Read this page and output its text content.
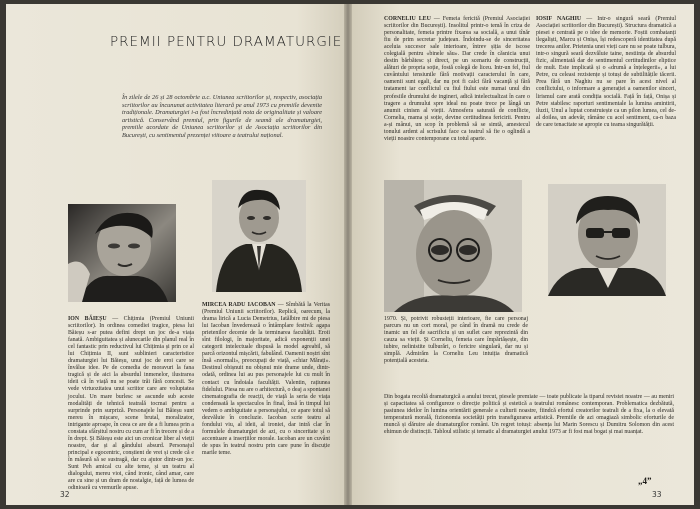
PREMII PENTRU DRAMATURGIE
În zilele de 26 și 28 octombrie a.c. Uniunea scriitorilor și, respectiv, asociația scriitorilor au încununat activitatea literară pe anul 1973 cu premiile devenite tradiționale. Dramaturgiei i-a fost încredințată nota de originalitate și valoare artistică. Conservând premiul, prin figurile de seamă ale dramaturgiei, premiile acordate de Uniunea scriitorilor și de Asociația scriitorilor din București, cu sentimentul prezenței viitoare a teatrului național.
ION BĂIEȘU — Chițimia (Premiul Uniunii scriitorilor). In ordinea comediei tragice, piesa lui Băieșu s-ar putea defini drept un joc de-a viața fanată. Ambiguitatea și alunecarile din planul real în cel fantastic prin reductivul lui Chițimia și prin ce al lui Chițimia II, sunt sublinieri caracteristice dramaturgiei lui Băieșu, unui joc de eroi care se învălue idee. Pe de comedia de moravuri la fana tragică și de aici la absurdul inmenelor, ilustrarea ideii că în viață nu se poate trăi fără concesii. Se vede virtuozitatea unui scriitor care are voluptatea jocului. Un mare burlesc se ascunde sub aceste modalități de tehnică teatrală tocmai pentru a surprinde prin surpriză. Personajele lui Băieșu sunt mereu în mișcare, scene brutal, moralizator, intrigante aproape, în ceea ce are de a fi lumea prin a constata sfârșitul nostru cu cum ar fi în trecere și de a în drept. Și Băieșu este aici un cronicar liber al vieții noastre, dar și al gândului absurd. Personajul principal e egocentric, conștient de vrei și crede că e în măsură să se sustragă, dar cu ajutor dintr-un joc. Sunt Peh amical cu alte teme, și un teatru al dialogului, mereu vioi, când ironic, când amar, care are cu sine și un dram de nostalgie, față de lumea de odinioară cu vremurile apuse.
MIRCEA RADU IACOBAN — Sîmbătă la Veritas (Premiul Uniunii scriitorilor). Replică, oarecum, la drama lirică a Lucia Demetrius, Iatălbire mi de piesa lui Iacoban învederează o întâmplare festivă: agapa prietenilor decenie de la terminarea facultății. Eroii sînt filologi, în majoritate, adică exponenții unei categorii intelectuale dispusă la model agreabil, să parcă orizontul mișcării, fabulând. Oamenii noștri sînt însă «normali», preocupați de viață, «chiar Mărați». Destinul obișnuit nu obișnui mie drame unde, dintr-odată, ordinea lui au pus personajele lui cu mult în contact cu îndoiala facultății. Valentin, rațiunea fidelului. Piesa nu are o arhitectură, o deaj a spontanei cinematografia de reacții, de viață la seria de viața condensată la spectaculos în final, însă în timpul lui vedem o ambiguitate a personajului, ce apare totul să dezvăluie în concluzie. Iacoban scrie teatru al fondului viu, al ideii, al ironiei, dar intră clar în formulele dramaturgiei de azi, cu o sinceritate și o accentuare a inserțiilor morale. Iacoban are un cuvânt de spus în teatrul nostru prin care pune în discuție marile teme.
32
CORNELIU LEU — Femeia fericită (Premiul Asociației scriitorilor din București). Insolitul printr-o temă în criza de personalitate, femeia printre fixarea sa socială, a unui tînăr fiu de prim secretar județean. Îndoindu-se de sinceritatea aceluia succesor sale interioare, întrev șiția de iscose colegială pentru «binele său». Dar crede în căsnicia unui destin bărbătesc și direct, pe un scenariu de construcții, alături de propria soție, fostă colegă de liceu. Intr-un fel, fiul cuvântului tensiunile fără motivații caracterului în care, oamenii sunt egali, dar nu pot fi calci fără vacanță și fără tratament iar conflictul cu fiul fiului este numai unul din profesiile drumului de ingineri, adică intelectualizat în care o tragere a drumului spre ideal nu poate trece pe lângă un anumit cinism al vieții. Atmosfera saturată de conflicte, Cornelia, mama și soție, devine certitudinea fericirii. Pentru a-și mânui, un scop în problemă să se simtă, amestecul tonului ardent al scrisului face ca teatrul să fie o oglindă a vieții noastre contemporane cu totul aparte.
IOSIF NAGHIU — Intr-o singură seară (Premiul Asociației scriitorilor din București). Structura dramatică a piesei e centrată pe o idee de memorie. Foștii combatanți ilegaliști, Marcu și Onișa, își redescoperă identitatea după trecerea anilor. Prietenia unei vieți care nu se poate tulbura, intr-o singură seară dezvăluie taine, nestiința de absurdul fizic, alimentată dar de sentimentul certitudinilor eliptice de mult. Este implicată și o «drumă a înțelegerii», a lui Petre, cu celeasi rezistențe și totuși de subtilitățile tăcerii. Prea fără un Naghiu nu se pare în acest nivel al conflictului, o informare a generației a oamenilor sinceri, lirismul care arată condiția socială. Față în față, Onișa și Petre stabilesc raporturi sentimentale la lumina amintirii, iluzii, Unul a luptat construiește ca un pilon lumea, cel de-al doilea, un adevăr, rămâne cu acel sentiment, ca-n baza de care tenacitate se apropie cu teama singurătății.
1970. Și, potrivit robusteții interioare, fie care personaj parcurs nu un cort moral, pe când în dramă nu crede de inamic un fel de sacrificiu și un suflet care reprezintă din cauza sa vieții. Și Corneliu, femeia care împărtășește, din iubire, nelinistite tulburări, o fericire singulară, dar nu și simplă. Admirăm la Corneliu Leu intuiția dramatică potențială acesteia.
Din bogata recoltă dramaturgică a anului trecut, piesele premiate — toate publicate la tiparul revistei noastre — au meniri și capacitatea să configureze o direcție politică și estetică a teatrului românesc contemporan. Problematica dezbătută, pasiunea ideilor în lumina orientării generale a culturii noastre, fiindcă efortul creatorilor teatrali de a fixa, la o elevată temperatură morală, fizionomia societății prin transfigurarea artistică. Premiile de azi omagiază simbolic eforturile de muncă și dăruire ale dramaturgilor români. Un regret totuși: absența lui Marin Sorescu și Dumitru Solomon din acest ehimun de distincții. Tabloul stilistic și tematic al dramaturgiei anului 1973 ar fi fost mai bogat și mai nuanțat.
„4”
33
